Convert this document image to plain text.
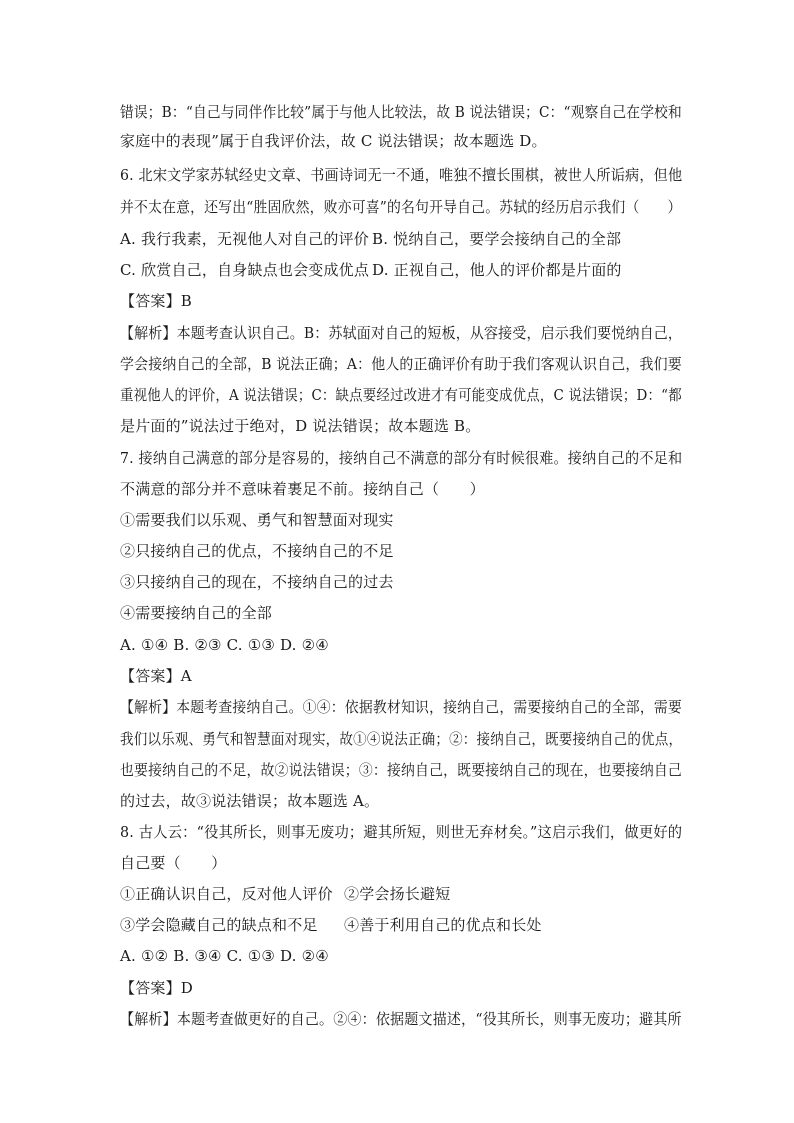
错误；B：“自己与同伴作比较”属于与他人比较法，故 B 说法错误；C：“观察自己在学校和
家庭中的表现”属于自我评价法，故 C 说法错误；故本题选 D。
6. 北宋文学家苏轼经史文章、书画诗词无一不通，唯独不擅长围棋，被世人所诟病，但他
并不太在意，还写出“胜固欣然，败亦可喜”的名句开导自己。苏轼的经历启示我们（　　）
A. 我行我素，无视他人对自己的评价 B. 悦纳自己，要学会接纳自己的全部
C. 欣赏自己，自身缺点也会变成优点 D. 正视自己，他人的评价都是片面的
【答案】B
【解析】本题考查认识自己。B：苏轼面对自己的短板，从容接受，启示我们要悦纳自己，
学会接纳自己的全部，B 说法正确；A：他人的正确评价有助于我们客观认识自己，我们要
重视他人的评价，A 说法错误；C：缺点要经过改进才有可能变成优点，C 说法错误；D：“都
是片面的”说法过于绝对，D 说法错误；故本题选 B。
7. 接纳自己满意的部分是容易的，接纳自己不满意的部分有时候很难。接纳自己的不足和
不满意的部分并不意味着裹足不前。接纳自己（　　）
①需要我们以乐观、勇气和智慧面对现实
②只接纳自己的优点，不接纳自己的不足
③只接纳自己的现在，不接纳自己的过去
④需要接纳自己的全部
A. ①④ B. ②③ C. ①③ D. ②④
【答案】A
【解析】本题考查接纳自己。①④：依据教材知识，接纳自己，需要接纳自己的全部，需要
我们以乐观、勇气和智慧面对现实，故①④说法正确；②：接纳自己，既要接纳自己的优点，
也要接纳自己的不足，故②说法错误；③：接纳自己，既要接纳自己的现在，也要接纳自己
的过去，故③说法错误；故本题选 A。
8. 古人云：“役其所长，则事无废功；避其所短，则世无弃材矣。”这启示我们，做更好的
自己要（　　）
①正确认识自己，反对他人评价 ②学会扬长避短
③学会隐藏自己的缺点和不足 ④善于利用自己的优点和长处
A. ①② B. ③④ C. ①③ D. ②④
【答案】D
【解析】本题考查做更好的自己。②④：依据题文描述，“役其所长，则事无废功；避其所
